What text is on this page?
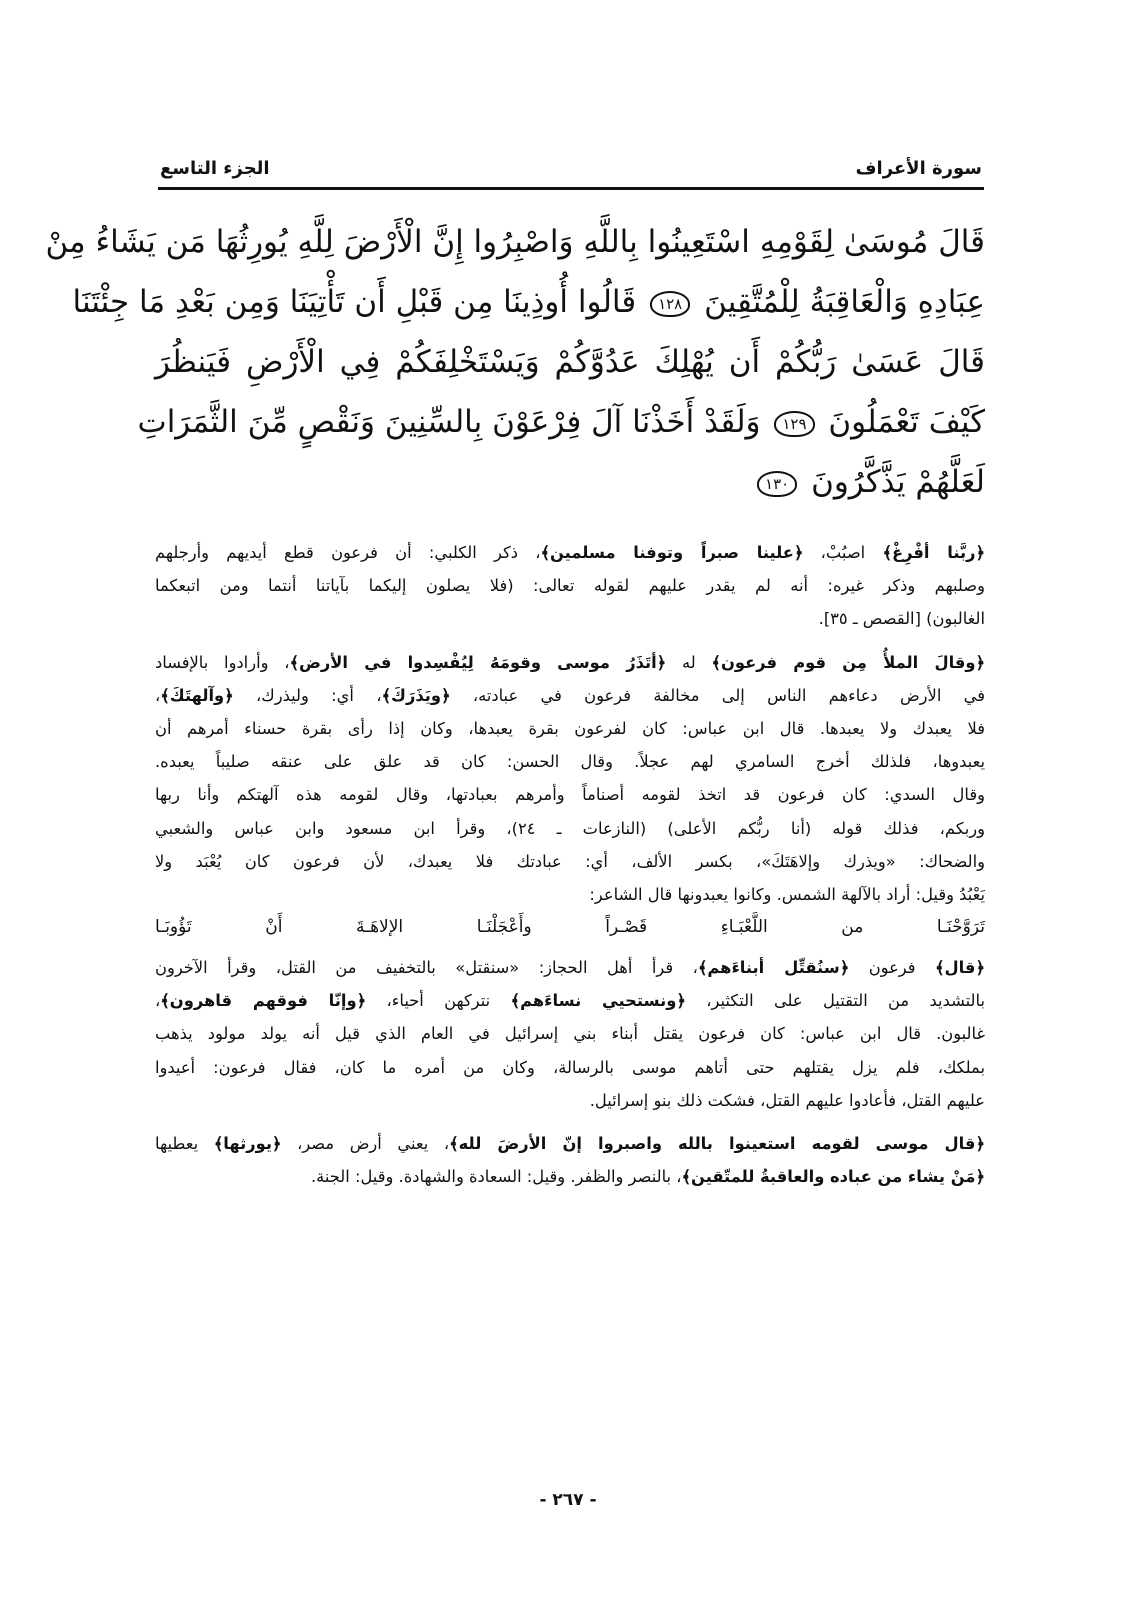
سورة الأعراف
الجزء التاسع
قَالَ مُوسَىٰ لِقَوْمِهِ اسْتَعِينُوا بِاللَّهِ وَاصْبِرُوا إِنَّ الْأَرْضَ لِلَّهِ يُورِثُهَا مَن يَشَاءُ مِنْ
عِبَادِهِ وَالْعَاقِبَةُ لِلْمُتَّقِينَ ١٢٨ قَالُوا أُوذِينَا مِن قَبْلِ أَن تَأْتِيَنَا وَمِن بَعْدِ مَا جِئْتَنَا
قَالَ عَسَىٰ رَبُّكُمْ أَن يُهْلِكَ عَدُوَّكُمْ وَيَسْتَخْلِفَكُمْ فِي الْأَرْضِ فَيَنظُرَ
كَيْفَ تَعْمَلُونَ ١٢٩ وَلَقَدْ أَخَذْنَا آلَ فِرْعَوْنَ بِالسِّنِينَ وَنَقْصٍ مِّنَ الثَّمَرَاتِ
لَعَلَّهُمْ يَذَّكَّرُونَ ١٣٠
﴿ربَّنا أفْرِغْ﴾ اصبُبْ، ﴿علينا صبراً وتوفنا مسلمين﴾، ذكر الكلبي: أن فرعون قطع أيديهم وأرجلهم
وصلبهم وذكر غيره: أنه لم يقدر عليهم لقوله تعالى: (فلا يصلون إليكما بآياتنا أنتما ومن اتبعكما
الغالبون) [القصص ـ ٣٥].
﴿وقالَ الملأُ مِن قوم فرعون﴾ له ﴿أتَذَرُ موسى وقومَهُ لِيُفْسِدوا في الأرض﴾، وأرادوا بالإفساد
في الأرض دعاءهم الناس إلى مخالفة فرعون في عبادته، ﴿ويَذَرَكَ﴾، أي: وليذرك، ﴿وآلهتَكَ﴾،
فلا يعبدك ولا يعبدها. قال ابن عباس: كان لفرعون بقرة يعبدها، وكان إذا رأى بقرة حسناء أمرهم أن
يعبدوها، فلذلك أخرج السامري لهم عجلاً. وقال الحسن: كان قد علق على عنقه صليباً يعبده.
وقال السدي: كان فرعون قد اتخذ لقومه أصناماً وأمرهم بعبادتها، وقال لقومه هذه آلهتكم وأنا ربها
وربكم، فذلك قوله (أنا ربُّكم الأعلى) (النازعات ـ ٢٤)، وقرأ ابن مسعود وابن عباس والشعبي
والضحاك: «ويذرك وإلاهَتَكَ»، بكسر الألف، أي: عبادتك فلا يعبدك، لأن فرعون كان يُعْبَد ولا
يَعْبُدُ وقيل: أراد بالآلهة الشمس. وكانوا يعبدونها قال الشاعر:
تَرَوَّحْنَـا
من
اللَّعْبَـاءِ
قَصْـراً
وأَعْجَلْنَـا
الإلاهَـةَ
أَنْ
تَؤُوبَـا
﴿قال﴾ فرعون ﴿سنُقتِّل أبناءَهم﴾، قرأ أهل الحجاز: «سنقتل» بالتخفيف من القتل، وقرأ الآخرون
بالتشديد من التقتيل على التكثير، ﴿ونستحيي نساءَهم﴾ نتركهن أحياء، ﴿وإنّا فوقهم قاهرون﴾،
غالبون. قال ابن عباس: كان فرعون يقتل أبناء بني إسرائيل في العام الذي قيل أنه يولد مولود يذهب
بملكك، فلم يزل يقتلهم حتى أتاهم موسى بالرسالة، وكان من أمره ما كان، فقال فرعون: أعيدوا
عليهم القتل، فأعادوا عليهم القتل، فشكت ذلك بنو إسرائيل.
﴿قال موسى لقومه استعينوا بالله واصبروا إنّ الأرضَ لله﴾، يعني أرض مصر، ﴿يورثها﴾ يعطيها
﴿مَنْ يشاء من عباده والعاقبةُ للمتّقين﴾، بالنصر والظفر. وقيل: السعادة والشهادة. وقيل: الجنة.
- ٢٦٧ -
